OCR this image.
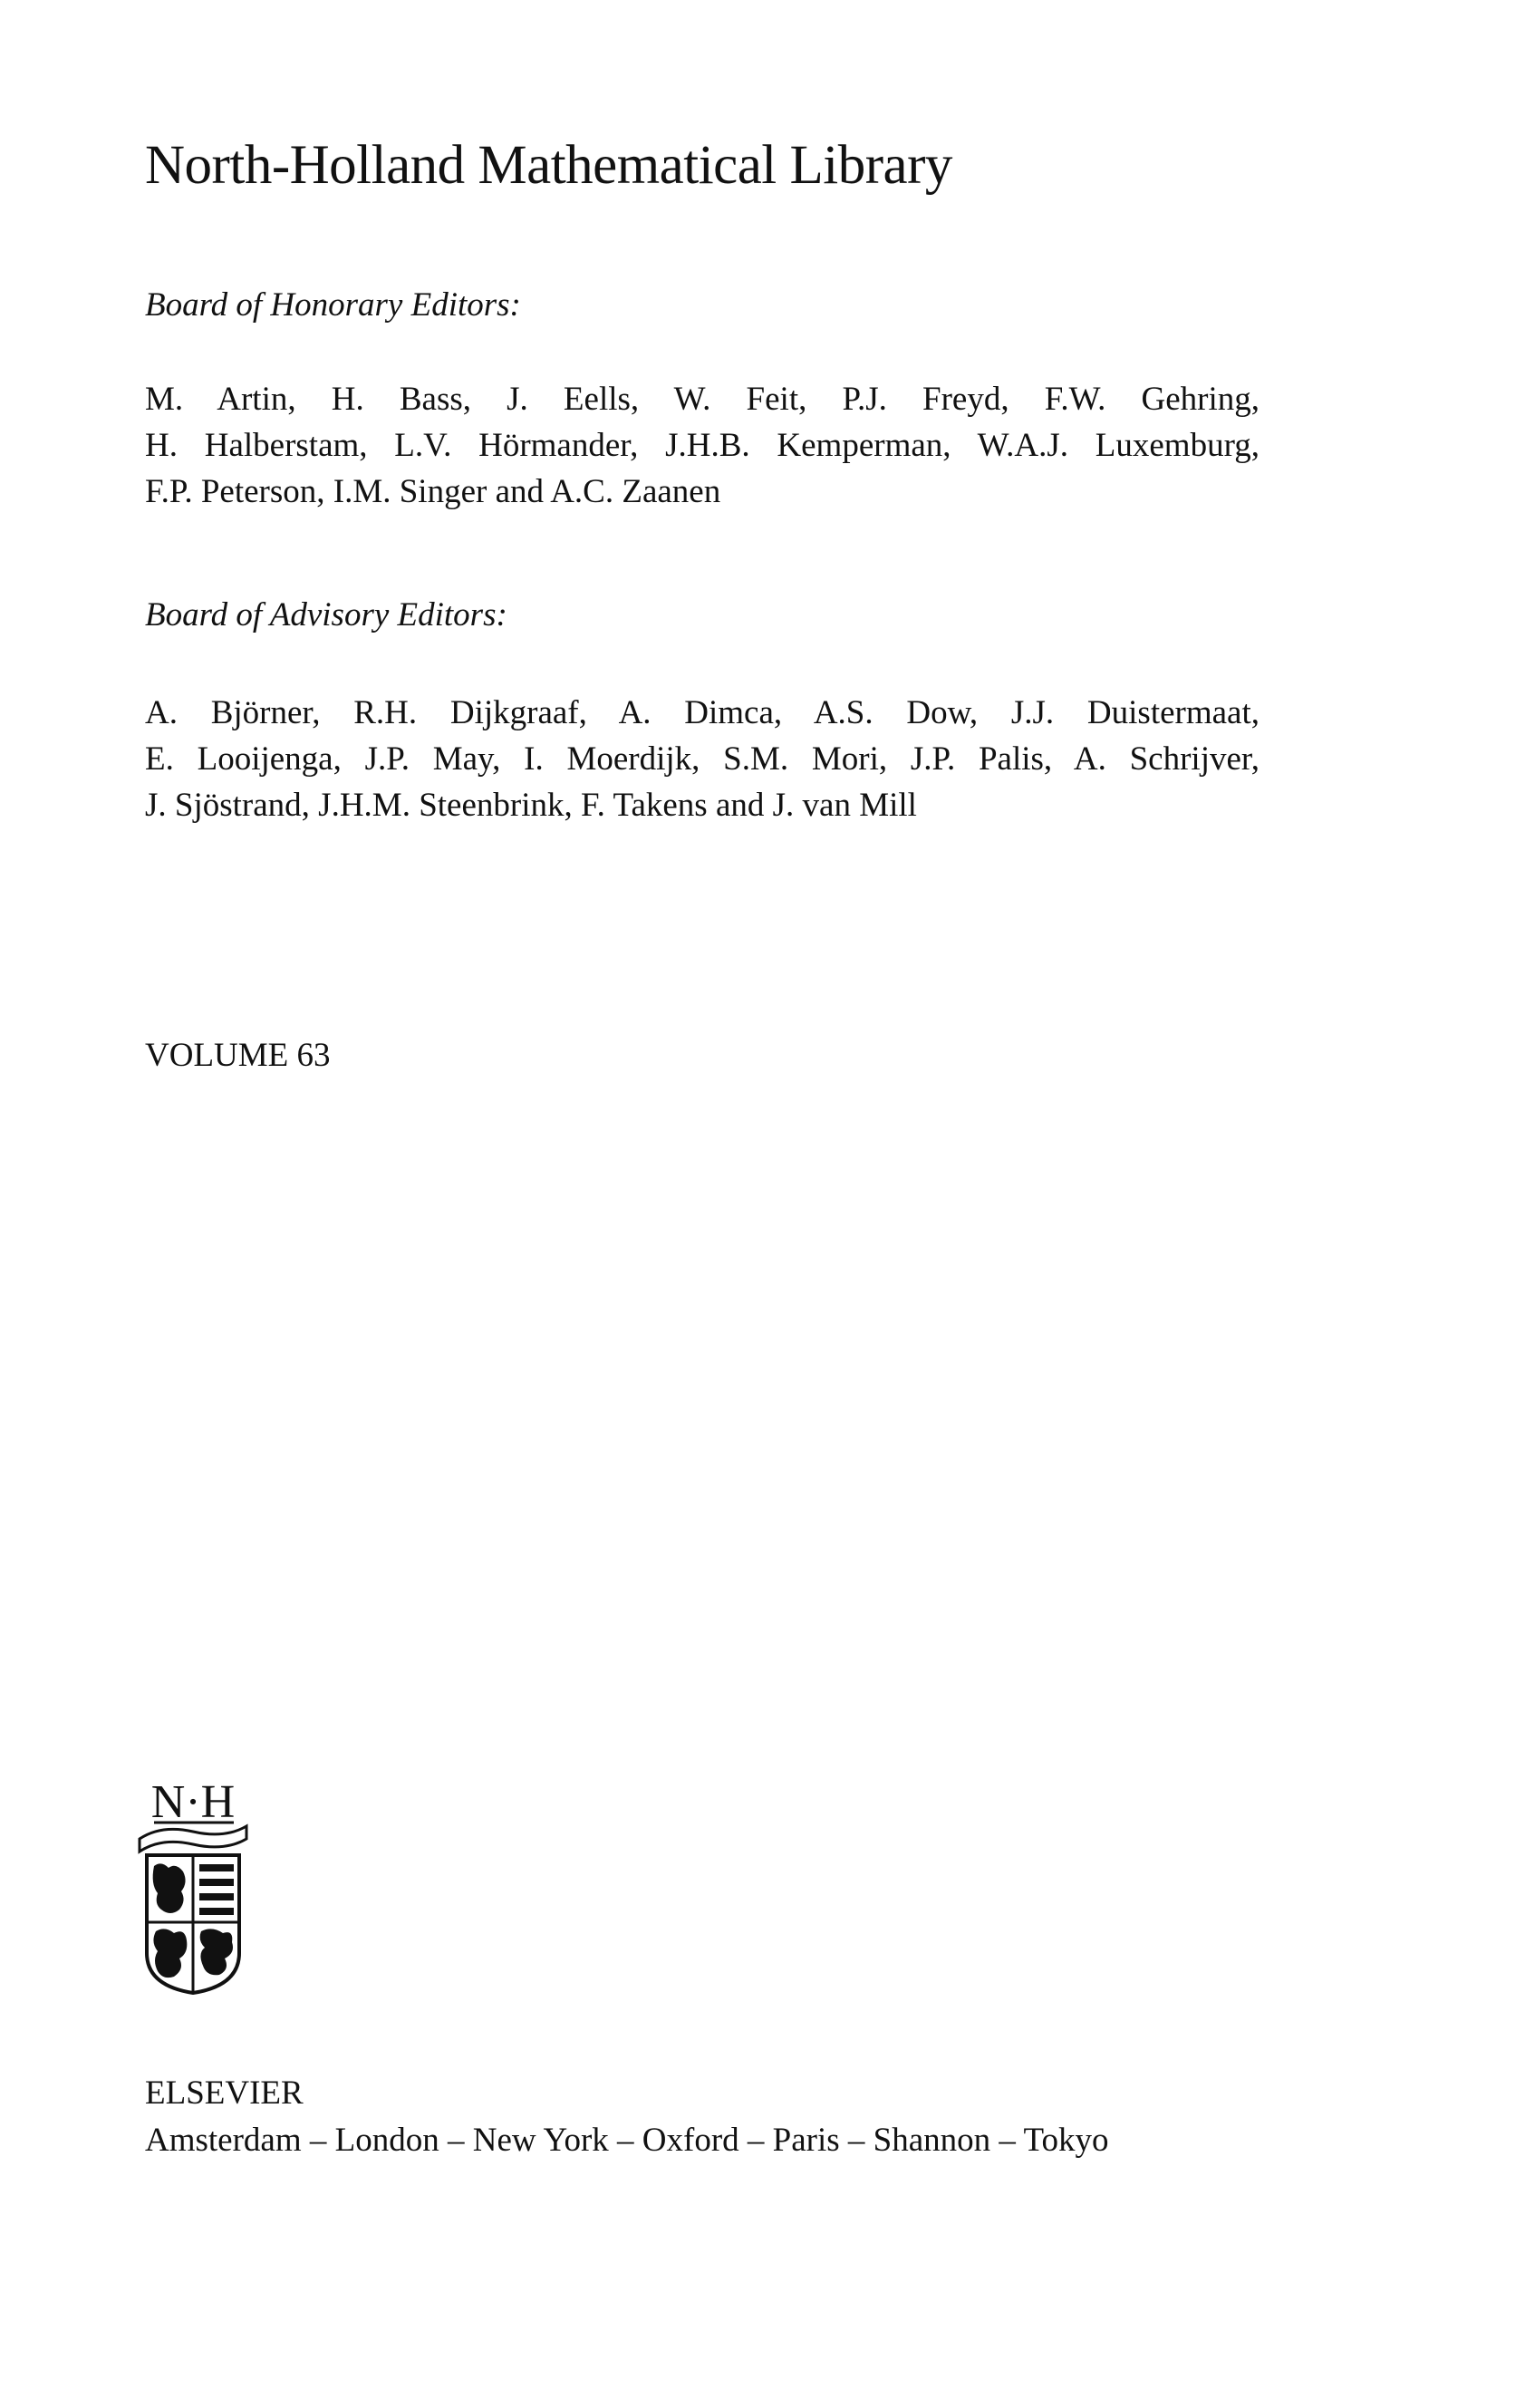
North-Holland Mathematical Library
Board of Honorary Editors:
M. Artin, H. Bass, J. Eells, W. Feit, P.J. Freyd, F.W. Gehring,
H. Halberstam, L.V. Hörmander, J.H.B. Kemperman, W.A.J. Luxemburg,
F.P. Peterson, I.M. Singer and A.C. Zaanen
Board of Advisory Editors:
A. Björner, R.H. Dijkgraaf, A. Dimca, A.S. Dow, J.J. Duistermaat,
E. Looijenga, J.P. May, I. Moerdijk, S.M. Mori, J.P. Palis, A. Schrijver,
J. Sjöstrand, J.H.M. Steenbrink, F. Takens and J. van Mill
VOLUME 63
N·H
ELSEVIER
Amsterdam – London – New York – Oxford – Paris – Shannon – Tokyo
